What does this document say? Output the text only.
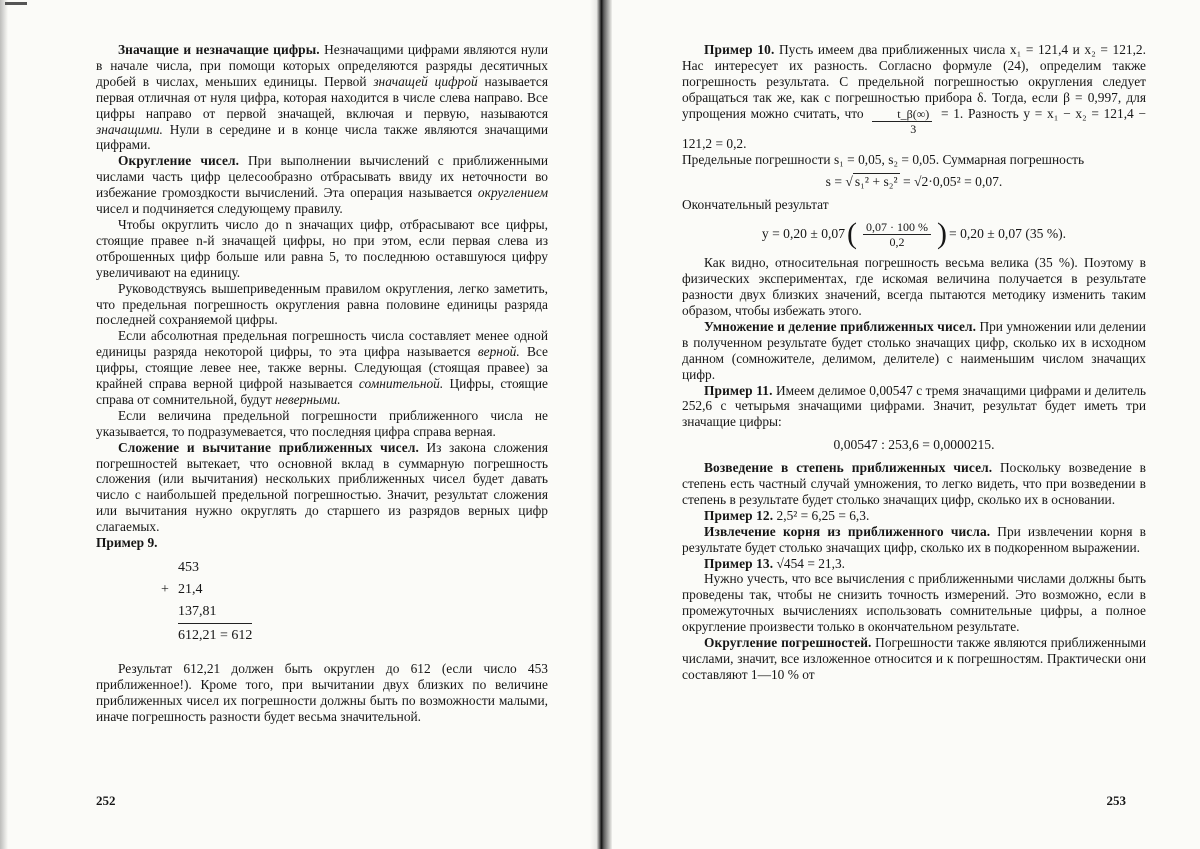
Значащие и незначащие цифры. Незначащими цифрами являются нули в начале числа, при помощи которых определяются разряды десятичных дробей в числах, меньших единицы. Первой значащей цифрой называется первая отличная от нуля цифра, которая находится в числе слева направо. Все цифры направо от первой значащей, включая и первую, называются значащими. Нули в середине и в конце числа также являются значащими цифрами.

Округление чисел. При выполнении вычислений с приближенными числами часть цифр целесообразно отбрасывать ввиду их неточности во избежание громоздкости вычислений. Эта операция называется округлением чисел и подчиняется следующему правилу.

Чтобы округлить число до n значащих цифр, отбрасывают все цифры, стоящие правее n-й значащей цифры, но при этом, если первая слева из отброшенных цифр больше или равна 5, то последнюю оставшуюся цифру увеличивают на единицу.

Руководствуясь вышеприведенным правилом округления, легко заметить, что предельная погрешность округления равна половине единицы разряда последней сохраняемой цифры.

Если абсолютная предельная погрешность числа составляет менее одной единицы разряда некоторой цифры, то эта цифра называется верной. Все цифры, стоящие левее нее, также верны. Следующая (стоящая правее) за крайней справа верной цифрой называется сомнительной. Цифры, стоящие справа от сомнительной, будут неверными.

Если величина предельной погрешности приближенного числа не указывается, то подразумевается, что последняя цифра справа верная.

Сложение и вычитание приближенных чисел. Из закона сложения погрешностей вытекает, что основной вклад в суммарную погрешность сложения (или вычитания) нескольких приближенных чисел будет давать число с наибольшей предельной погрешностью. Значит, результат сложения или вычитания нужно округлять до старшего из разрядов верных цифр слагаемых.

Пример 9.

453
+ 21,4
137,81
612,21 = 612

Результат 612,21 должен быть округлен до 612 (если число 453 приближенное!). Кроме того, при вычитании двух близких по величине приближенных чисел их погрешности должны быть по возможности малыми, иначе погрешность разности будет весьма значительной.

252

Пример 10. Пусть имеем два приближенных числа x₁ = 121,4 и x₂ = 121,2. Нас интересует их разность. Согласно формуле (24), определим также погрешность результата. С предельной погрешностью округления следует обращаться так же, как с погрешностью прибора δ. Тогда, если β = 0,997, для упрощения можно считать, что $\frac{t\_\beta(\infty)}{3} = 1$. Разность y = x₁ − x₂ = 121,4 − 121,2 = 0,2.

Предельные погрешности s₁ = 0,05, s₂ = 0,05. Суммарная погрешность

s = √ s₁² + s₂² = √2·0,05² = 0,07.

Окончательный результат

y = 0,20 ± 0,07 ( $\frac{0,07 \cdot 100 \%}{0,2}$ ) = 0,20 ± 0,07 (35 %).

Как видно, относительная погрешность весьма велика (35 %). Поэтому в физических экспериментах, где искомая величина получается в результате разности двух близких значений, всегда пытаются методику изменить таким образом, чтобы избежать этого.

Умножение и деление приближенных чисел. При умножении или делении в полученном результате будет столько значащих цифр, сколько их в исходном данном (сомножителе, делимом, делителе) с наименьшим числом значащих цифр.

Пример 11. Имеем делимое 0,00547 с тремя значащими цифрами и делитель 252,6 с четырьмя значащими цифрами. Значит, результат будет иметь три значащие цифры:

0,00547 : 253,6 = 0,0000215.

Возведение в степень приближенных чисел. Поскольку возведение в степень есть частный случай умножения, то легко видеть, что при возведении в степень в результате будет столько значащих цифр, сколько их в основании.

Пример 12. 2,5² = 6,25 = 6,3.

Извлечение корня из приближенного числа. При извлечении корня в результате будет столько значащих цифр, сколько их в подкоренном выражении.

Пример 13. √454 = 21,3.

Нужно учесть, что все вычисления с приближенными числами должны быть проведены так, чтобы не снизить точность измерений. Это возможно, если в промежуточных вычислениях использовать сомнительные цифры, а полное округление произвести только в окончательном результате.

Округление погрешностей. Погрешности также являются приближенными числами, значит, все изложенное относится и к погрешностям. Практически они составляют 1—10 % от

253
